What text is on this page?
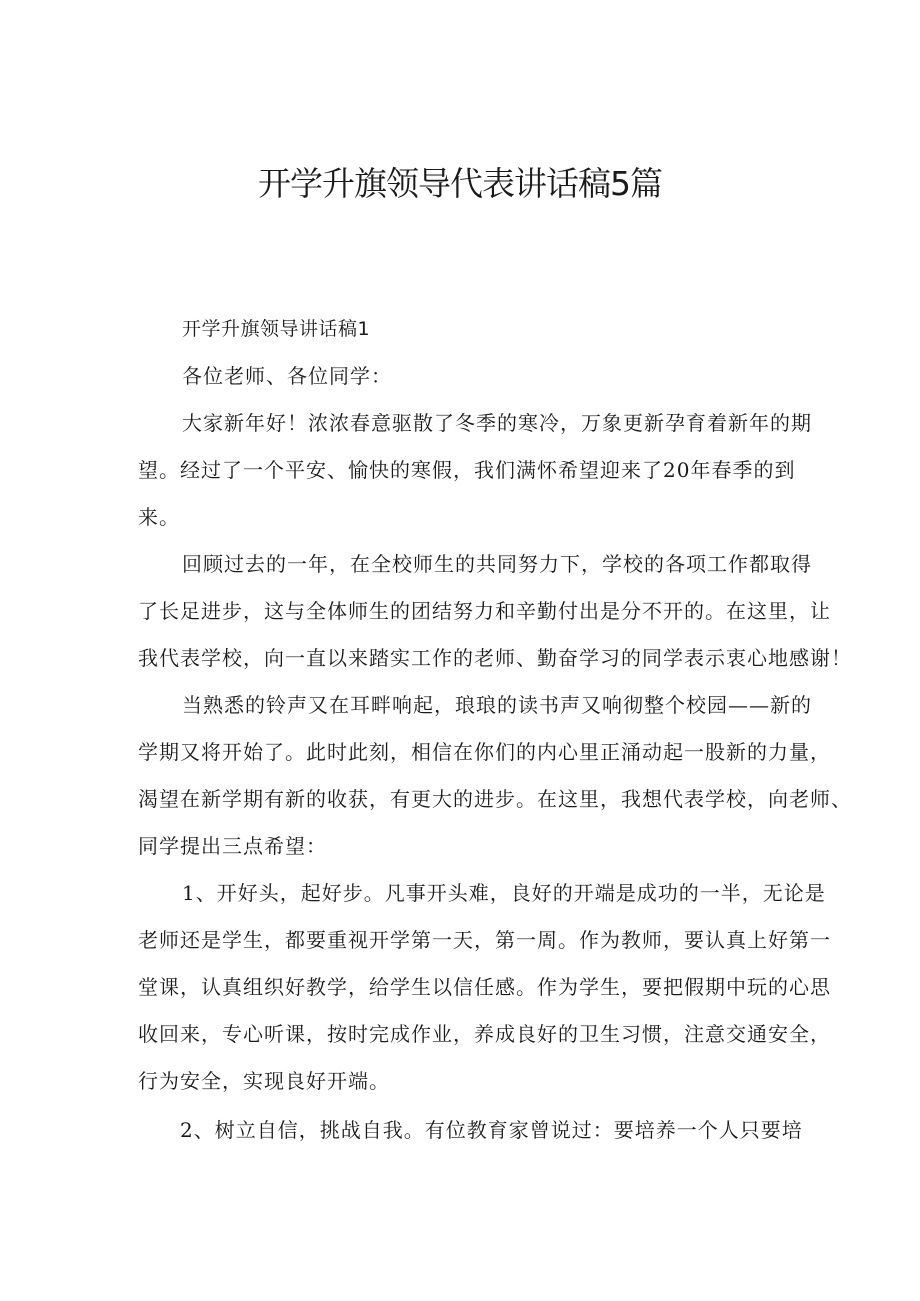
开学升旗领导代表讲话稿5篇
开学升旗领导讲话稿1
各位老师、各位同学：
大家新年好！浓浓春意驱散了冬季的寒冷，万象更新孕育着新年的期
望。经过了一个平安、愉快的寒假，我们满怀希望迎来了20年春季的到
来。
回顾过去的一年，在全校师生的共同努力下，学校的各项工作都取得
了长足进步，这与全体师生的团结努力和辛勤付出是分不开的。在这里，让
我代表学校，向一直以来踏实工作的老师、勤奋学习的同学表示衷心地感谢！
当熟悉的铃声又在耳畔响起，琅琅的读书声又响彻整个校园——新的
学期又将开始了。此时此刻，相信在你们的内心里正涌动起一股新的力量，
渴望在新学期有新的收获，有更大的进步。在这里，我想代表学校，向老师、
同学提出三点希望：
1、开好头，起好步。凡事开头难，良好的开端是成功的一半，无论是
老师还是学生，都要重视开学第一天，第一周。作为教师，要认真上好第一
堂课，认真组织好教学，给学生以信任感。作为学生，要把假期中玩的心思
收回来，专心听课，按时完成作业，养成良好的卫生习惯，注意交通安全，
行为安全，实现良好开端。
2、树立自信，挑战自我。有位教育家曾说过：要培养一个人只要培
